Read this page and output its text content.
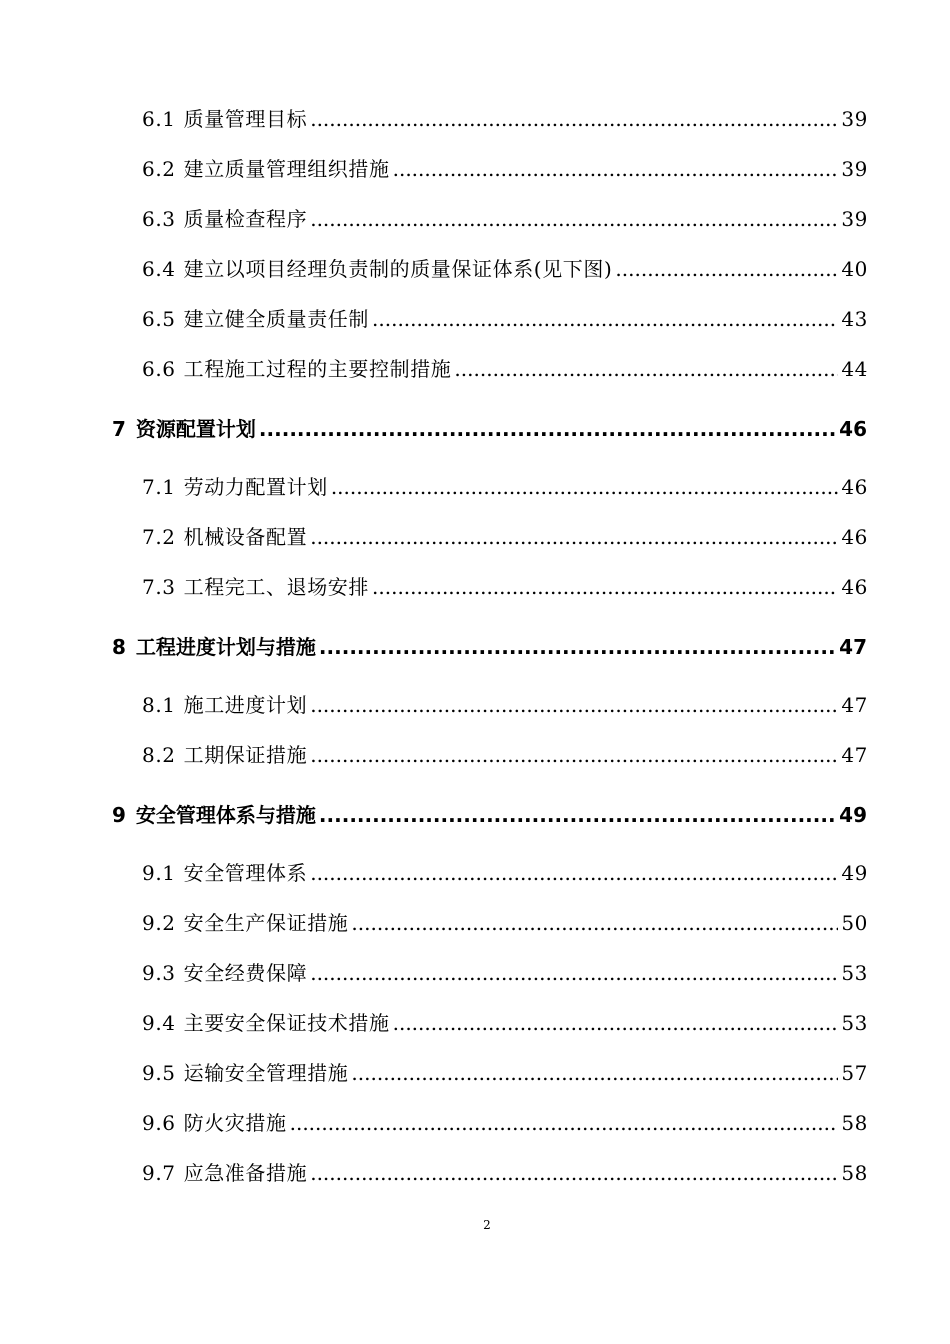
6.1 质量管理目标 .....	39
6.2 建立质量管理组织措施 .....	39
6.3 质量检查程序 .....	39
6.4 建立以项目经理负责制的质量保证体系(见下图) .....	40
6.5 建立健全质量责任制 .....	43
6.6 工程施工过程的主要控制措施 .....	44
7 资源配置计划 .....	46
7.1 劳动力配置计划 .....	46
7.2 机械设备配置 .....	46
7.3 工程完工、退场安排 .....	46
8 工程进度计划与措施 .....	47
8.1 施工进度计划 .....	47
8.2 工期保证措施 .....	47
9 安全管理体系与措施 .....	49
9.1 安全管理体系 .....	49
9.2 安全生产保证措施 .....	50
9.3 安全经费保障 .....	53
9.4 主要安全保证技术措施 .....	53
9.5 运输安全管理措施 .....	57
9.6 防火灾措施 .....	58
9.7 应急准备措施 .....	58
2
